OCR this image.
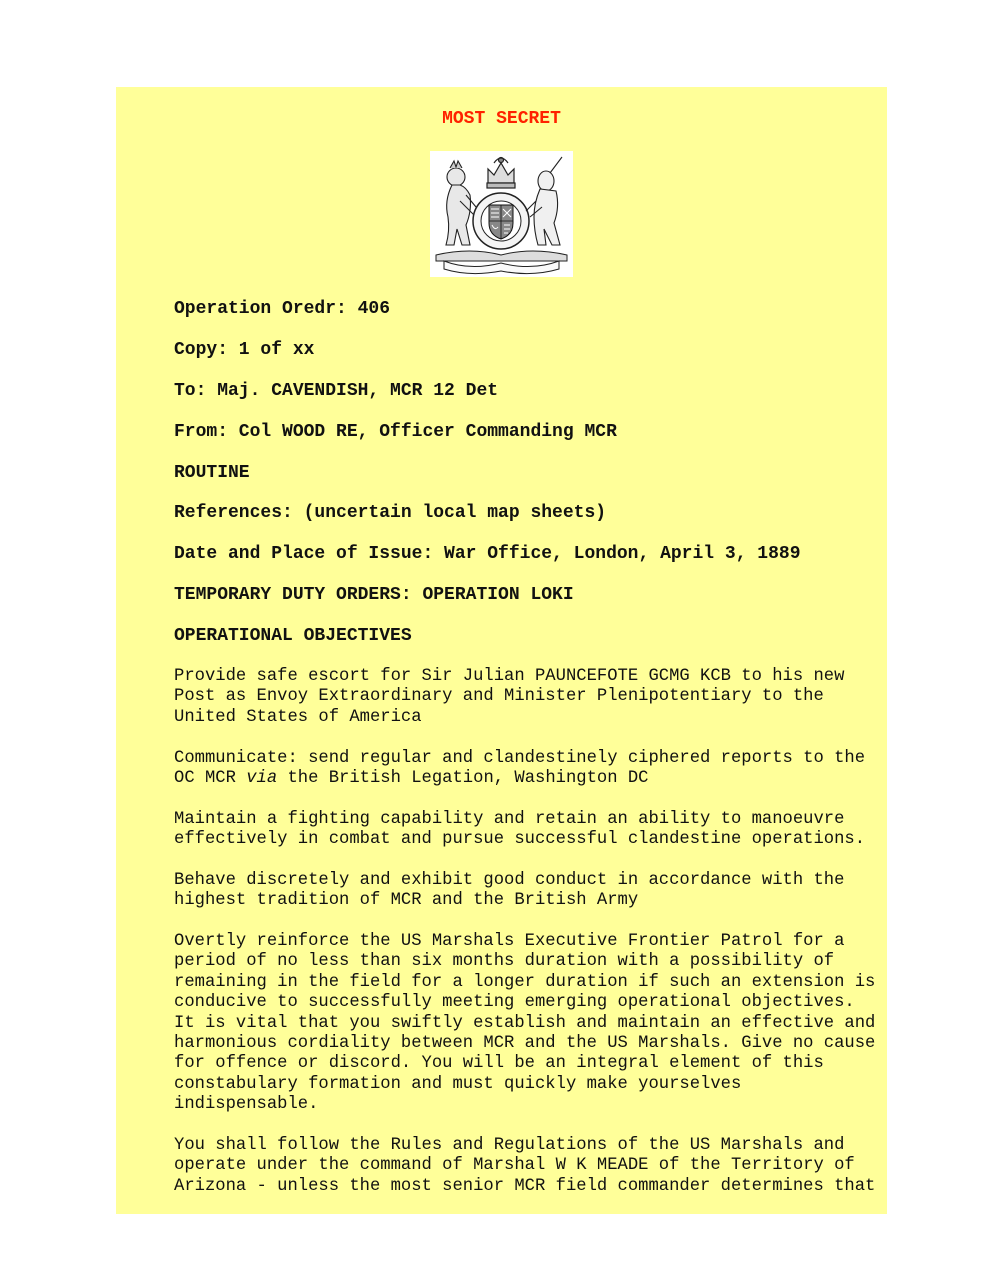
MOST SECRET
Operation Oredr: 406
Copy: 1 of xx
To: Maj. CAVENDISH, MCR 12 Det
From: Col WOOD RE, Officer Commanding MCR
ROUTINE
References: (uncertain local map sheets)
Date and Place of Issue: War Office, London, April 3, 1889
TEMPORARY DUTY ORDERS: OPERATION LOKI
OPERATIONAL OBJECTIVES

Provide safe escort for Sir Julian PAUNCEFOTE GCMG KCB to his new

Post as Envoy Extraordinary and Minister Plenipotentiary to the

United States of America

Communicate: send regular and clandestinely ciphered reports to the

OC MCR via the British Legation, Washington DC

Maintain a fighting capability and retain an ability to manoeuvre

effectively in combat and pursue successful clandestine operations.

Behave discretely and exhibit good conduct in accordance with the

highest tradition of MCR and the British Army

Overtly reinforce the US Marshals Executive Frontier Patrol for a

period of no less than six months duration with a possibility of

remaining in the field for a longer duration if such an extension is

conducive to successfully meeting emerging operational objectives.

It is vital that you swiftly establish and maintain an effective and

harmonious cordiality between MCR and the US Marshals. Give no cause

for offence or discord. You will be an integral element of this

constabulary formation and must quickly make yourselves

indispensable.

You shall follow the Rules and Regulations of the US Marshals and

operate under the command of Marshal W K MEADE of the Territory of

Arizona - unless the most senior MCR field commander determines that
